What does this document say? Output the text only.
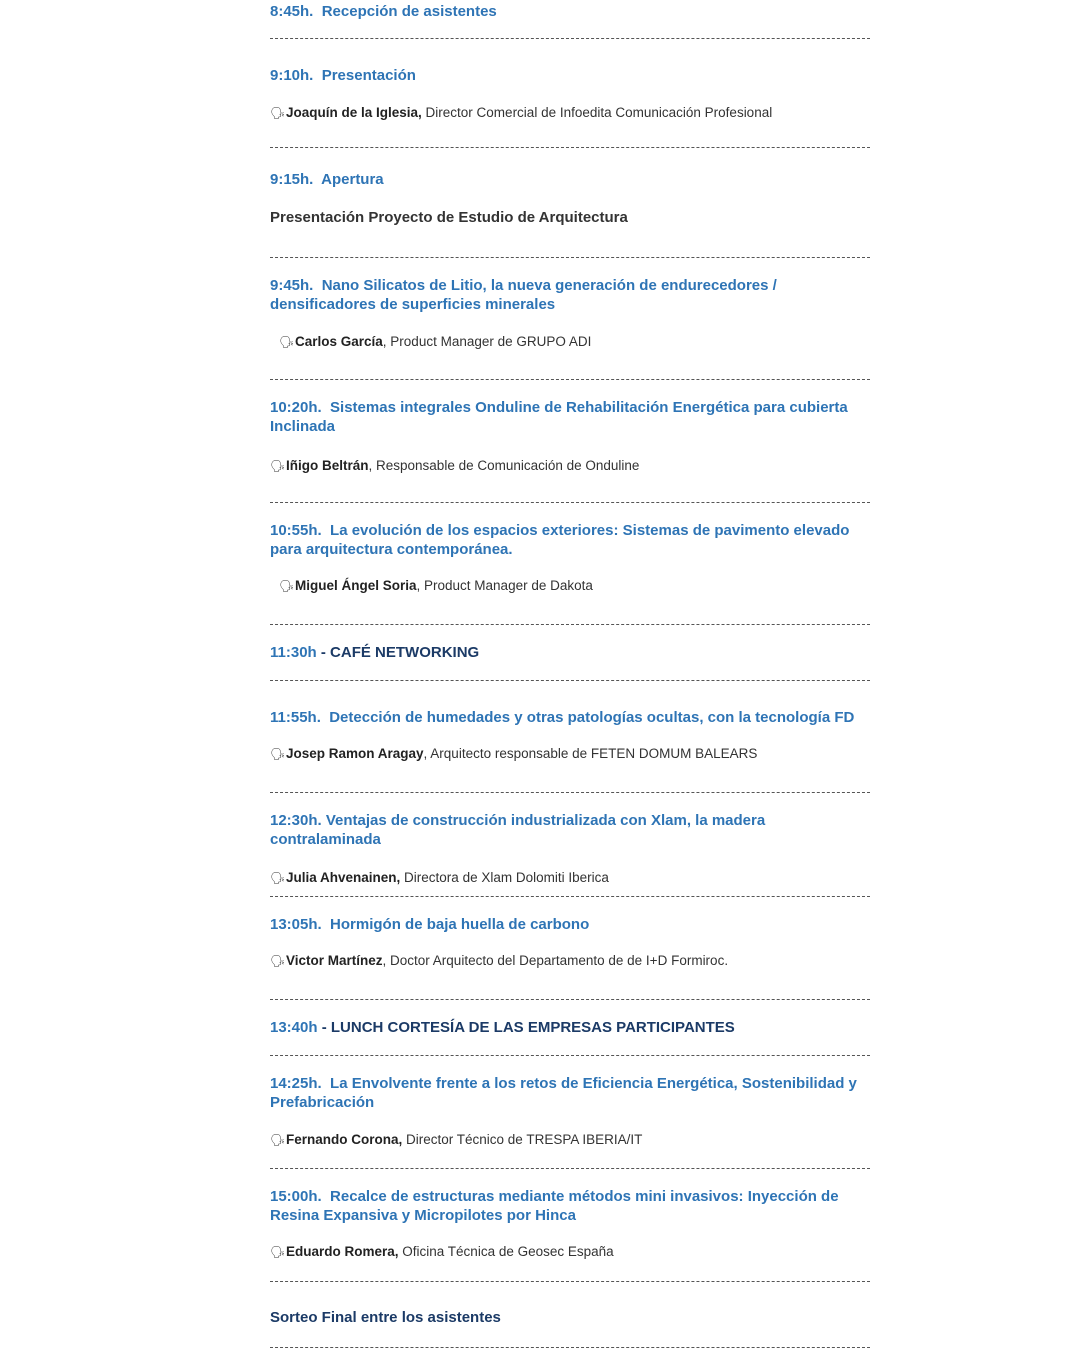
8:45h. Recepción de asistentes
9:10h. Presentación
🗣Joaquín de la Iglesia, Director Comercial de Infoedita Comunicación Profesional
9:15h. Apertura
Presentación Proyecto de Estudio de Arquitectura
9:45h. Nano Silicatos de Litio, la nueva generación de endurecedores / densificadores de superficies minerales
🗣Carlos García, Product Manager de GRUPO ADI
10:20h. Sistemas integrales Onduline de Rehabilitación Energética para cubierta Inclinada
🗣Iñigo Beltrán, Responsable de Comunicación de Onduline
10:55h. La evolución de los espacios exteriores: Sistemas de pavimento elevado para arquitectura contemporánea.
🗣Miguel Ángel Soria, Product Manager de Dakota
11:30h - CAFÉ NETWORKING
11:55h. Detección de humedades y otras patologías ocultas, con la tecnología FD
🗣Josep Ramon Aragay, Arquitecto responsable de FETEN DOMUM BALEARS
12:30h. Ventajas de construcción industrializada con Xlam, la madera contralaminada
🗣Julia Ahvenainen, Directora de Xlam Dolomiti Iberica
13:05h. Hormigón de baja huella de carbono
🗣Victor Martínez, Doctor Arquitecto del Departamento de de I+D Formiroc.
13:40h - LUNCH CORTESÍA DE LAS EMPRESAS PARTICIPANTES
14:25h. La Envolvente frente a los retos de Eficiencia Energética, Sostenibilidad y Prefabricación
🗣Fernando Corona, Director Técnico de TRESPA IBERIA/IT
15:00h. Recalce de estructuras mediante métodos mini invasivos: Inyección de Resina Expansiva y Micropilotes por Hinca
🗣Eduardo Romera, Oficina Técnica de Geosec España
Sorteo Final entre los asistentes
